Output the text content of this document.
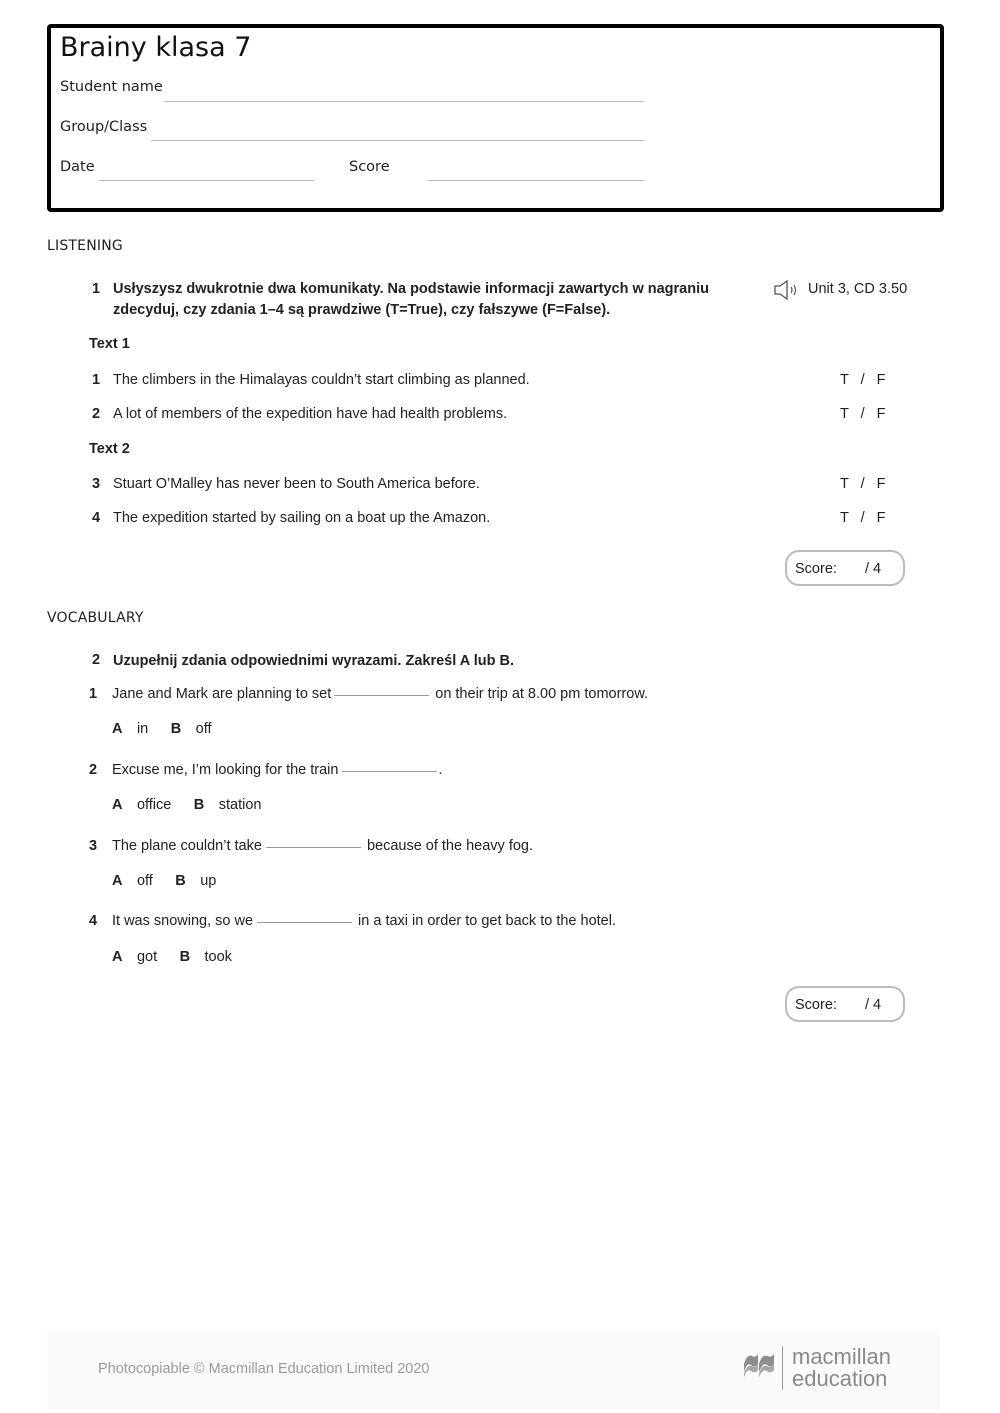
Brainy klasa 7
Student name
Group/Class
Date	Score
LISTENING
1 Usłyszysz dwukrotnie dwa komunikaty. Na podstawie informacji zawartych w nagraniu
zdecyduj, czy zdania 1–4 są prawdziwe (T=True), czy fałszywe (F=False).
Unit 3, CD 3.50
Text 1
1 The climbers in the Himalayas couldn’t start climbing as planned.	T / F
2 A lot of members of the expedition have had health problems.	T / F
Text 2
3 Stuart O’Malley has never been to South America before.	T / F
4 The expedition started by sailing on a boat up the Amazon.	T / F
Score: / 4
VOCABULARY
2 Uzupełnij zdania odpowiednimi wyrazami. Zakreśl A lub B.
1 Jane and Mark are planning to set	on their trip at 8.00 pm tomorrow.
A in B off
2 Excuse me, I’m looking for the train	.
A office B station
3 The plane couldn’t take	because of the heavy fog.
A off B up
4 It was snowing, so we	in a taxi in order to get back to the hotel.
A got B took
Score: / 4
Photocopiable © Macmillan Education Limited 2020	macmillan
education
